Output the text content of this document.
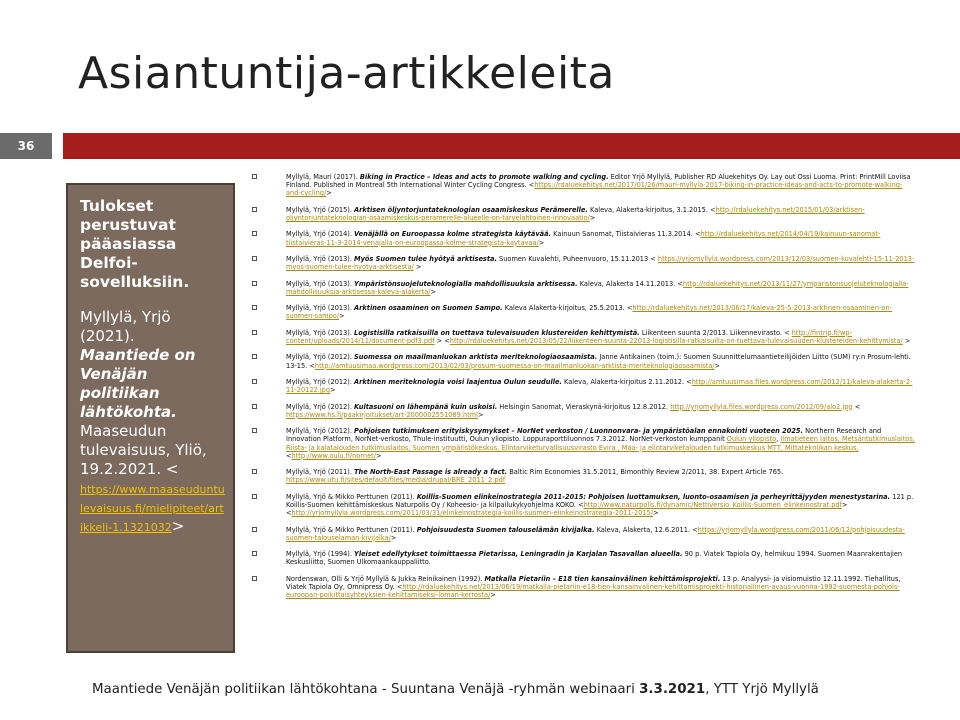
Asiantuntija-artikkeleita
36
Tulokset perustuvat pääasiassa Delfoi-sovelluksiin.
Myllylä, Yrjö (2021). Maantiede on Venäjän politiikan lähtökohta. Maaseudun tulevaisuus, Yliö, 19.2.2021. <
https://www.maaseuduntulevaisuus.fi/mielipiteet/artikkeli-1.1321032>
Myllylä, Mauri (2017). Biking in Practice – Ideas and acts to promote walking and cycling. Editor Yrjö Myllylä, Publisher RD Aluekehitys Oy. Lay out Ossi Luoma. Print: PrintMill Loviisa Finland. Published in Montreal 5th International Winter Cycling Congress. <https://rdaluekehitys.net/2017/01/26/mauri-myllyla-2017-biking-in-practice-ideas-and-acts-to-promote-walking-and-cycling/>
Myllylä, Yrjö (2015). Arktisen öljyntorjuntateknologian osaamiskeskus Perämerelle. Kaleva, Alakerta-kirjoitus, 3.1.2015. <http://rdaluekehitys.net/2015/01/03/arktisen-oljyntorjuntateknologian-osaamiskeskus-peramerelle-alueelle-on-tarvelahtoinen-innovaatio/>
Myllylä, Yrjö (2014). Venäjällä on Euroopassa kolme strategista käytävää. Kainuun Sanomat, Tiistaivieras 11.3.2014. <http://rdaluekehitys.net/2014/04/19/kainuun-sanomat-tiistaivieras-11-3-2014-venajalla-on-euroopassa-kolme-strategista-kaytavaa/>
Myllylä, Yrjö (2013). Myös Suomen tulee hyötyä arktisesta. Suomen Kuvalehti, Puheenvuoro, 15.11.2013 < https://yrjomyllyla.wordpress.com/2013/12/03/suomen-kuvalehti-15-11-2013-myos-suomen-tulee-hyotya-arktisesta/ >
Myllylä, Yrjö (2013). Ympäristönsuojeluteknologialla mahdollisuuksia arktisessa. Kaleva, Alakerta 14.11.2013. <http://rdaluekehitys.net/2013/11/27/ymparistonsuojeluteknologialla-mahdollisuuksia-arktisessa-kaleva-alakerta/>
Myllylä, Yrjö (2013). Arktinen osaaminen on Suomen Sampo. Kaleva Alakerta-kirjoitus, 25.5.2013. <http://rdaluekehitys.net/2013/06/17/kaleva-25-5-2013-arktinen-osaaminen-on-suomen-sampo/>
Myllylä, Yrjö (2013). Logistisilla ratkaisuilla on tuettava tulevaisuuden klustereiden kehittymistä. Liikenteen suunta 2/2013. Liikennevirasto. < http://fintrip.fi/wp-content/uploads/2014/11/document-pdf3.pdf > <http://rdaluekehitys.net/2013/05/22/liikenteen-suunta-22013-logistisilla-ratkaisuilla-on-tuettava-tulevaisuuden-klustereiden-kehittymista/ >
Myllylä, Yrjö (2012). Suomessa on maailmanluokan arktista meriteknologiaosaamista. Janne Antikainen (toim.): Suomen Suunnittelumaantieteilijöiden Liitto (SUM) ry:n Prosum-lehti. 13-15. <http://amtuusimaa.wordpress.com/2013/02/03/prosum-suomessa-on-maailmanluokan-arktista-meriteknologiaosaamista/>
Myllylä, Yrjö (2012). Arktinen meriteknologia voisi laajentua Oulun seudulle. Kaleva, Alakerta-kirjoitus 2.11.2012. <http://amtuusimaa.files.wordpress.com/2012/11/kaleva-alakerta-2-11-20122.jpg>
Myllylä, Yrjö (2012). Kultasuoni on lähempänä kuin uskoisi. Helsingin Sanomat, Vieraskynä-kirjoitus 12.8.2012. http://yrjomyllyla.files.wordpress.com/2012/09/alo2.jpg < https://www.hs.fi/paakirjoitukset/art-2000002551089.html>
Myllylä, Yrjö (2012). Pohjoisen tutkimuksen erityiskysymykset – NorNet verkoston / Luonnonvara- ja ympäristöalan ennakointi vuoteen 2025. Northern Research and Innovation Platform, NorNet-verkosto, Thule-instituutti, Oulun yliopisto. Loppuraporttiluonnos 7.3.2012. NorNet-verkoston kumppanit Oulun yliopisto, Ilmatieteen laitos, Metsäntutkimuslaitos, Riista- ja kalatalouden tutkimuslaitos, Suomen ympäristökeskus, Elintarviketurvallisuusvirasto Evira , Maa- ja elintarviketalouden tutkimuskeskus MTT, Mittatekniikan keskus, <http://www.oulu.fi/nornet/>
Myllylä, Yrjö (2011). The North-East Passage is already a fact. Baltic Rim Economies 31.5.2011, Bimonthly Review 2/2011, 38. Expert Article 765. https://www.utu.fi/sites/default/files/media/drupal/BRE_2011_2.pdf
Myllylä, Yrjö & Mikko Perttunen (2011). Koillis-Suomen elinkeinostrategia 2011-2015: Pohjoisen luottamuksen, luonto-osaamisen ja perheyrittäjyyden menestystarina. 121 p. Koillis-Suomen kehittämiskeskus Naturpolis Oy / Koheesio- ja kilpailukykyohjelma KOKO. <http://www.naturpolis.fi/dynamic/Nettiversio_Koillis-Suomen_elinkeinostrat.pdf> <http://yrjomyllyla.wordpress.com/2011/03/31/elinkeinostrategia-koillis-suomen-elinkeinostrategia-2011-2015/>
Myllylä, Yrjö & Mikko Perttunen (2011). Pohjoisuudesta Suomen talouselämän kivijalka. Kaleva, Alakerta, 12.6.2011. <https://yrjomyllyla.wordpress.com/2011/06/12/pohjoisuudesta-suomen-talouselaman-kivijalka/>
Myllylä, Yrjö (1994). Yleiset edellytykset toimittaessa Pietarissa, Leningradin ja Karjalan Tasavallan alueella. 90 p. Viatek Tapiola Oy, helmikuu 1994. Suomen Maanrakentajien Keskusliitto, Suomen Ulkomaankauppaliitto.
Nordenswan, Olli & Yrjö Myllylä & Jukka Reinikainen (1992). Matkalla Pietariin – E18 tien kansainvälinen kehittämisprojekti. 13 p. Analyysi- ja visiomuistio 12.11.1992. Tiehallitus, Viatek Tapiola Oy, Omnipress Oy. <http://rdaluekehitys.net/2013/06/19/matkalla-pietariin-e18-tien-kansainvalinen-kehittamisprojekti-historiallinen-avaus-vuonna-1992-suomesta-pohjois-euroopan-poikittaisyhteyksien-kehittamiseksi-loman-kerrosta/>
Maantiede Venäjän politiikan lähtökohtana - Suuntana Venäjä -ryhmän webinaari 3.3.2021, YTT Yrjö Myllylä
